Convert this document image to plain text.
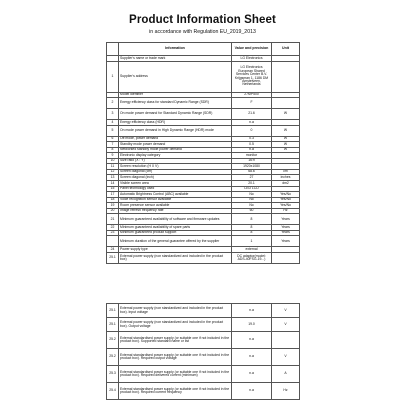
Product Information Sheet
in accordance with Regulation EU_2019_2013
	Information	Value and precision	Unit
	Supplier's name or trade mark	LG Electronics	
1	Supplier's address	LG Electronics European Shared Services Center B.V. Krijgsman 1, 1186 DM Amstelveen, Netherlands	
	Model identifier	27MP500	
2	Energy efficiency class for standard Dynamic Range (SDR)	F	
3	On mode power demand for Standard Dynamic Range (SDR)	21.6	W
4	Energy efficiency class (HDR)	n.a	
5	On mode power demand in High Dynamic Range (HDR) mode	0	W
6	Off mode, power demand	0.3	W
7	Standby mode power demand	0.5	W
8	Networked standby mode power demand	n.a	W
9	Electronic display category	monitor	
10	Size ratio (X : Y)	16:9	
11	Screen resolution (H X V)	1920x1080	
12	Screen diagonal (cm)	68.6	cm
13	Screen diagonal (inch)	27	inches
14	Visible screen area	20.1	dm2
15	Panel technology used	LED LCD	
17	Automatic Brightness Control (ABC) available	No	Yes/No
18	Voice recognition sensor available	No	Yes/No
19	Room presence sensor available	No	Yes/No
20	Image refresh frequency rate	60	Hz
21	Minimum guaranteed availability of software and firmware updates	8	Years
22	Minimum guaranteed availability of spare parts	8	Years
23	Minimum guaranteed product support	8	Years
	Minimum duration of the general guarantee offered by the supplier	1	Years
24	Power supply type	external	
25.1	External power supply (non standardized and included in the product box)	DC adaptor(model: ADS-40FSG-19...)	
25.1	External power supply (non standardized and included in the product box). Input voltage	n.a	V
25.1	External power supply (non standardized and included in the product box). Output voltage	19.0	V
25.2	External standardised power supply (or suitable one if not included in the product box). Supported standard name or list	n.a	
25.2	External standardised power supply (or suitable one if not included in the product box). Required output voltage	n.a	V
25.3	External standardised power supply (or suitable one if not included in the product box). Required delivered current (minimum)	n.a	A
25.4	External standardised power supply (or suitable one if not included in the product box). Required current frequency	n.a	Hz
